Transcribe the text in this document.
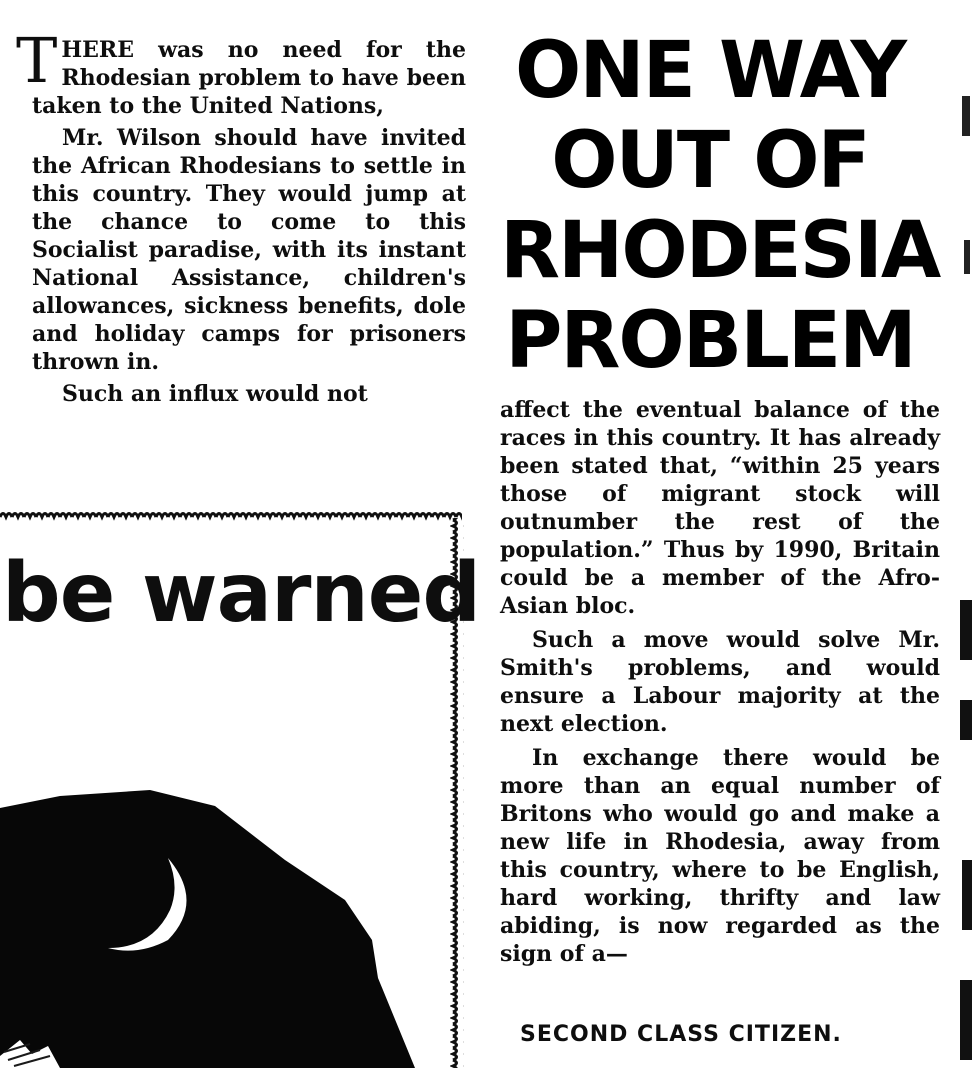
THERE was no need for the Rhodesian problem to have been taken to the United Nations,

Mr. Wilson should have invited the African Rhodesians to settle in this country. They would jump at the chance to come to this Socialist paradise, with its instant National Assistance, children's allowances, sickness benefits, dole and holiday camps for prisoners thrown in.

Such an influx would not

ONE WAY
OUT OF
RHODESIA
PROBLEM

affect the eventual balance of the races in this country. It has already been stated that, “within 25 years those of migrant stock will outnumber the rest of the population.” Thus by 1990, Britain could be a member of the Afro-Asian bloc.

Such a move would solve Mr. Smith's problems, and would ensure a Labour majority at the next election.

In exchange there would be more than an equal number of Britons who would go and make a new life in Rhodesia, away from this country, where to be English, hard working, thrifty and law abiding, is now regarded as the sign of a—

SECOND CLASS CITIZEN.
be warned
